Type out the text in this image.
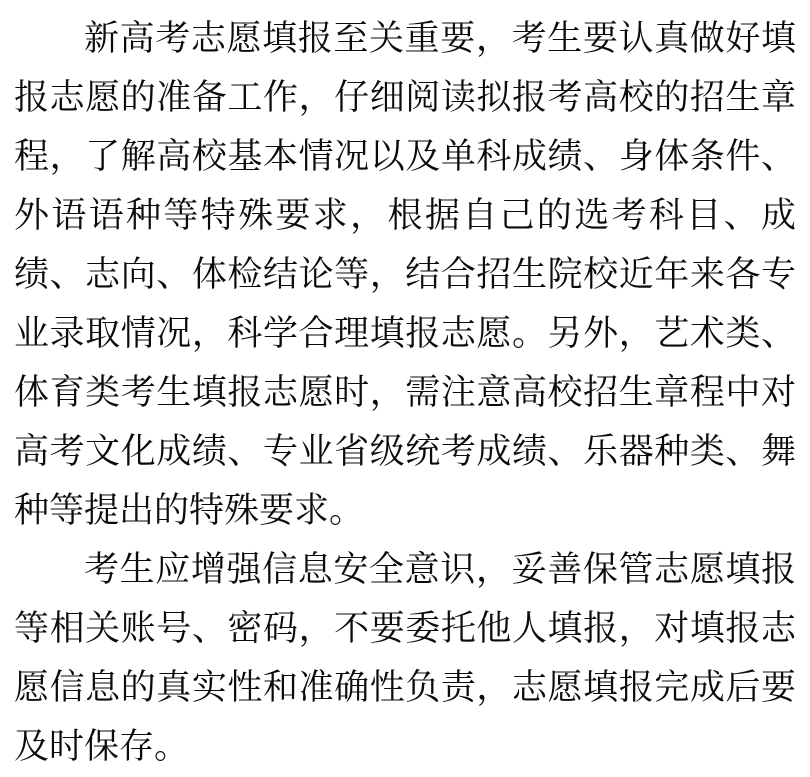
新高考志愿填报至关重要，考生要认真做好填报志愿的准备工作，仔细阅读拟报考高校的招生章程，了解高校基本情况以及单科成绩、身体条件、外语语种等特殊要求，根据自己的选考科目、成绩、志向、体检结论等，结合招生院校近年来各专业录取情况，科学合理填报志愿。另外，艺术类、体育类考生填报志愿时，需注意高校招生章程中对高考文化成绩、专业省级统考成绩、乐器种类、舞种等提出的特殊要求。

考生应增强信息安全意识，妥善保管志愿填报等相关账号、密码，不要委托他人填报，对填报志愿信息的真实性和准确性负责，志愿填报完成后要及时保存。
